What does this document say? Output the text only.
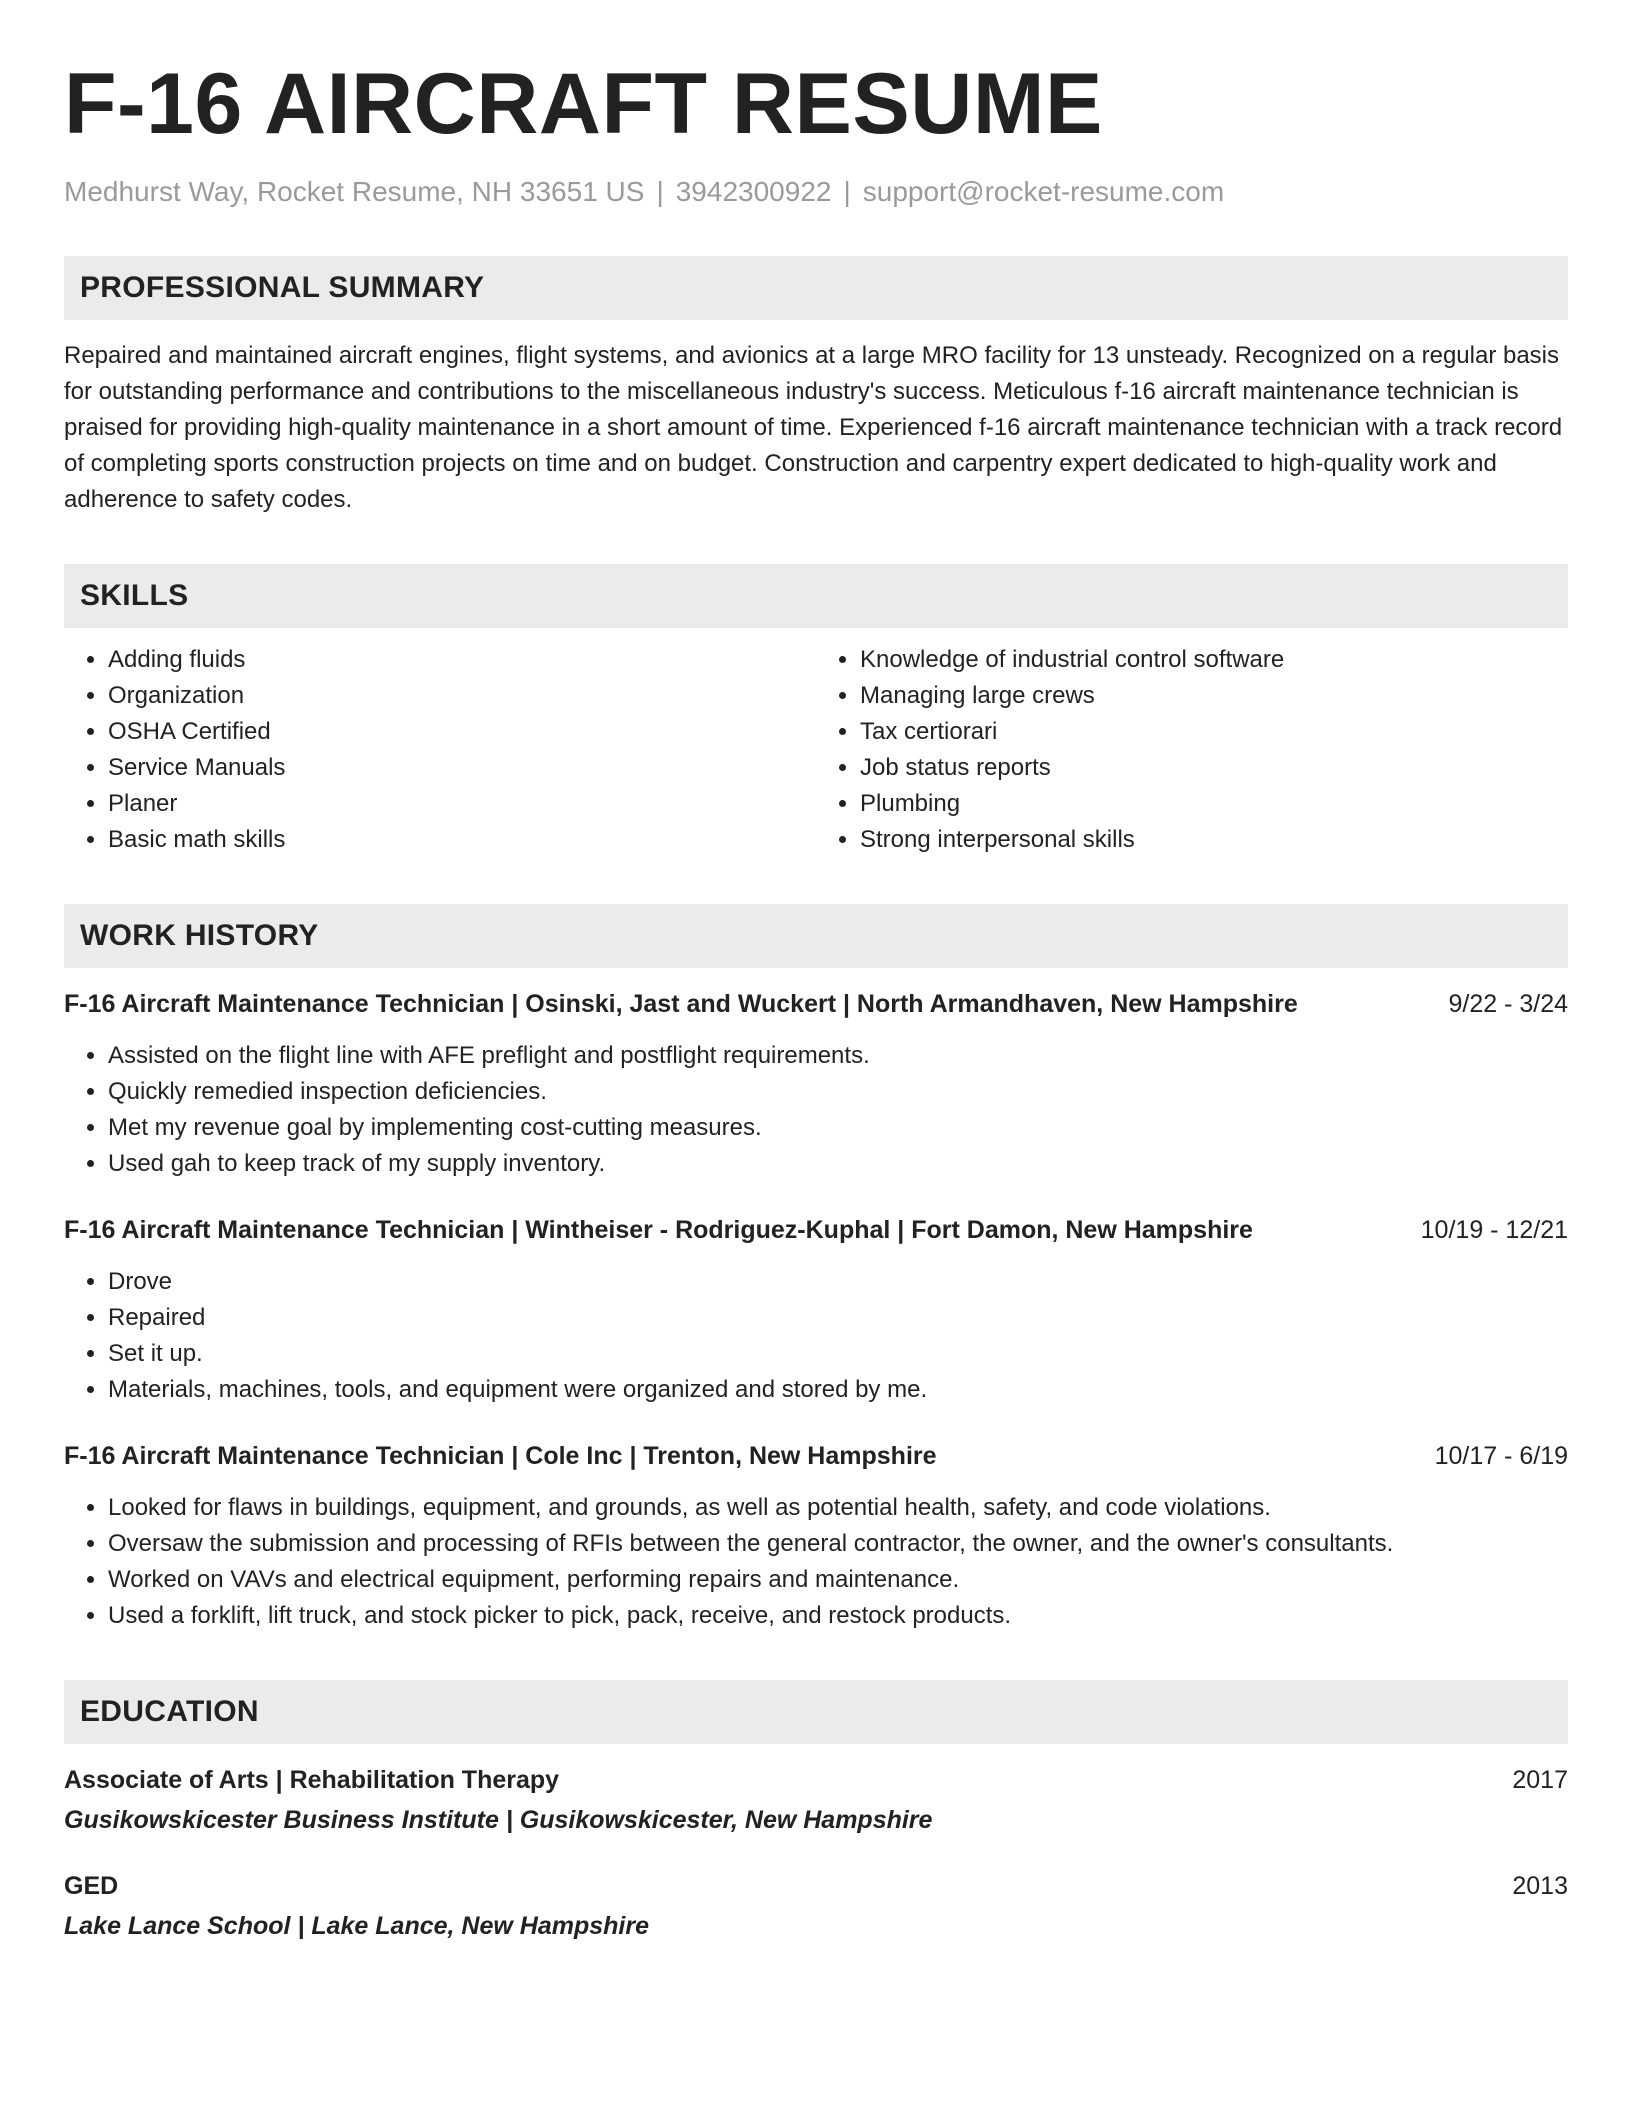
F-16 AIRCRAFT RESUME
Medhurst Way, Rocket Resume, NH 33651 US | 3942300922 | support@rocket-resume.com
PROFESSIONAL SUMMARY
Repaired and maintained aircraft engines, flight systems, and avionics at a large MRO facility for 13 unsteady. Recognized on a regular basis for outstanding performance and contributions to the miscellaneous industry's success. Meticulous f-16 aircraft maintenance technician is praised for providing high-quality maintenance in a short amount of time. Experienced f-16 aircraft maintenance technician with a track record of completing sports construction projects on time and on budget. Construction and carpentry expert dedicated to high-quality work and adherence to safety codes.
SKILLS
• Adding fluids
• Organization
• OSHA Certified
• Service Manuals
• Planer
• Basic math skills
• Knowledge of industrial control software
• Managing large crews
• Tax certiorari
• Job status reports
• Plumbing
• Strong interpersonal skills
WORK HISTORY
F-16 Aircraft Maintenance Technician | Osinski, Jast and Wuckert | North Armandhaven, New Hampshire	9/22 - 3/24
• Assisted on the flight line with AFE preflight and postflight requirements.
• Quickly remedied inspection deficiencies.
• Met my revenue goal by implementing cost-cutting measures.
• Used gah to keep track of my supply inventory.
F-16 Aircraft Maintenance Technician | Wintheiser - Rodriguez-Kuphal | Fort Damon, New Hampshire	10/19 - 12/21
• Drove
• Repaired
• Set it up.
• Materials, machines, tools, and equipment were organized and stored by me.
F-16 Aircraft Maintenance Technician | Cole Inc | Trenton, New Hampshire	10/17 - 6/19
• Looked for flaws in buildings, equipment, and grounds, as well as potential health, safety, and code violations.
• Oversaw the submission and processing of RFIs between the general contractor, the owner, and the owner's consultants.
• Worked on VAVs and electrical equipment, performing repairs and maintenance.
• Used a forklift, lift truck, and stock picker to pick, pack, receive, and restock products.
EDUCATION
Associate of Arts | Rehabilitation Therapy	2017
Gusikowskicester Business Institute | Gusikowskicester, New Hampshire
GED	2013
Lake Lance School | Lake Lance, New Hampshire
